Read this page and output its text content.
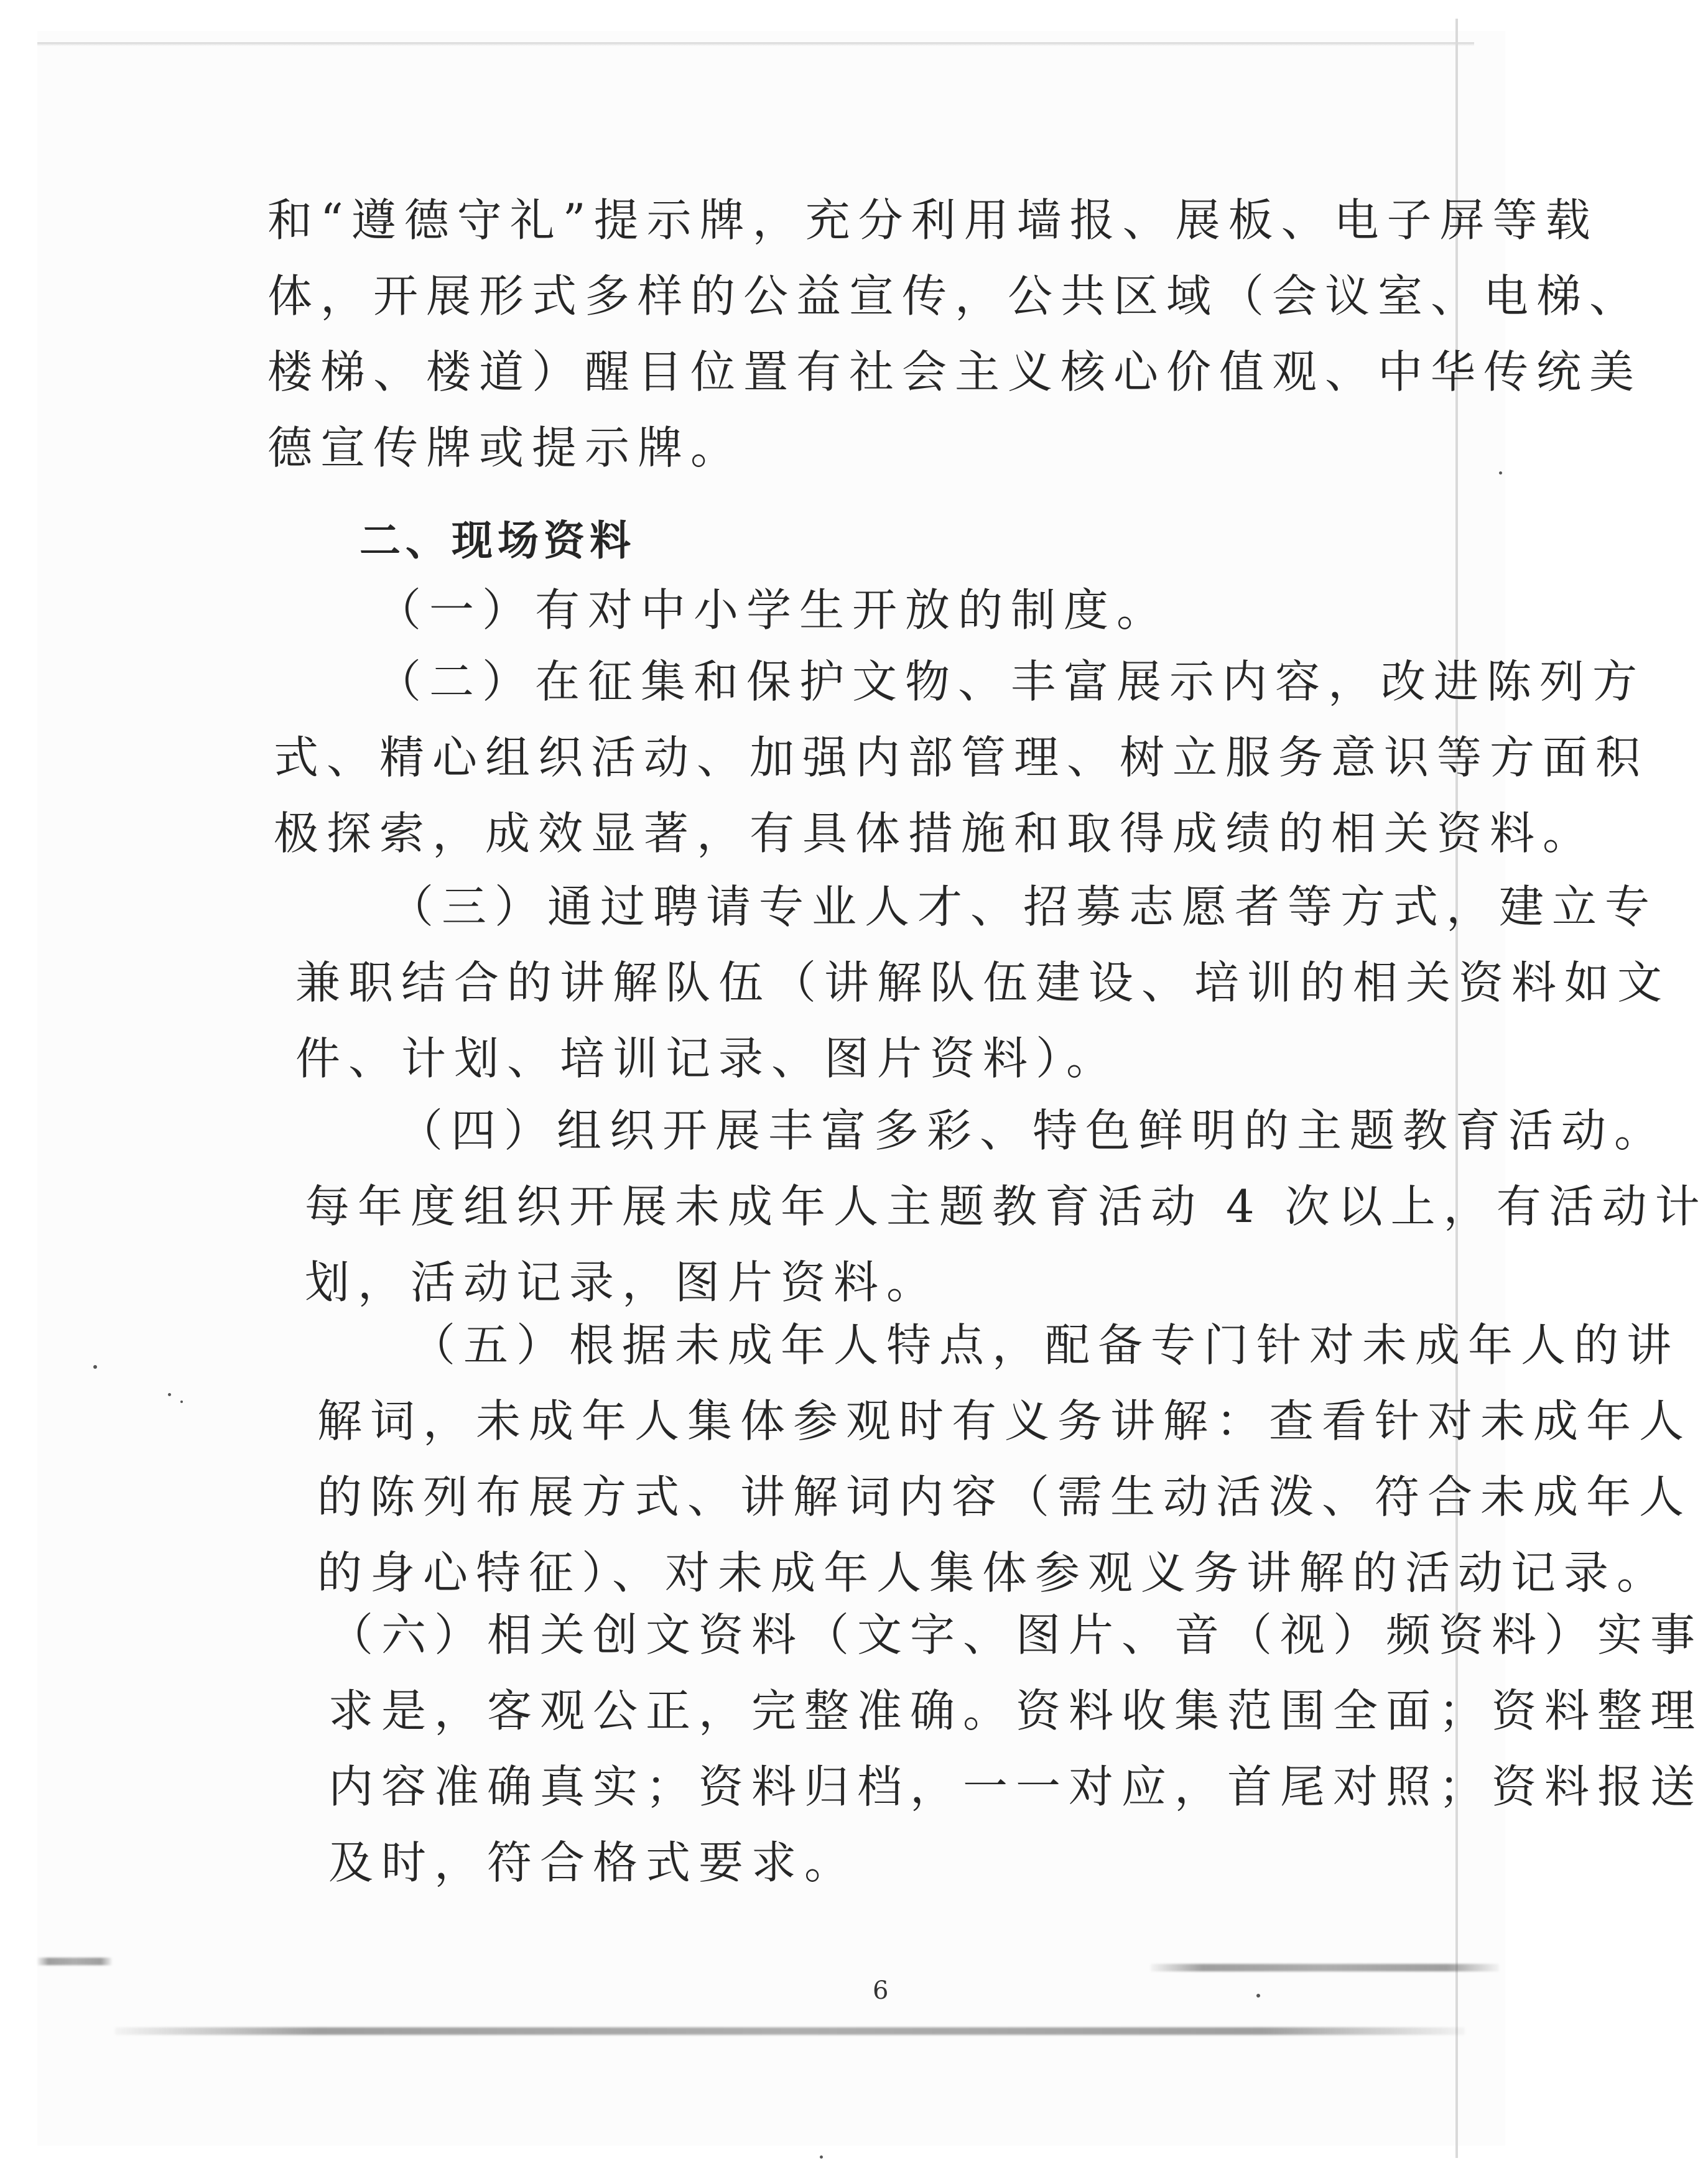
和“遵德守礼”提示牌，充分利用墙报、展板、电子屏等载
体，开展形式多样的公益宣传，公共区域（会议室、电梯、
楼梯、楼道）醒目位置有社会主义核心价值观、中华传统美
德宣传牌或提示牌。
二、现场资料
（一）有对中小学生开放的制度。
（二）在征集和保护文物、丰富展示内容，改进陈列方
式、精心组织活动、加强内部管理、树立服务意识等方面积
极探索，成效显著，有具体措施和取得成绩的相关资料。
（三）通过聘请专业人才、招募志愿者等方式，建立专
兼职结合的讲解队伍（讲解队伍建设、培训的相关资料如文
件、计划、培训记录、图片资料）。
（四）组织开展丰富多彩、特色鲜明的主题教育活动。
每年度组织开展未成年人主题教育活动 4 次以上，有活动计
划，活动记录，图片资料。
（五）根据未成年人特点，配备专门针对未成年人的讲
解词，未成年人集体参观时有义务讲解：查看针对未成年人
的陈列布展方式、讲解词内容（需生动活泼、符合未成年人
的身心特征）、对未成年人集体参观义务讲解的活动记录。
（六）相关创文资料（文字、图片、音（视）频资料）实事
求是，客观公正，完整准确。资料收集范围全面；资料整理
内容准确真实；资料归档，一一对应，首尾对照；资料报送
及时，符合格式要求。
6
